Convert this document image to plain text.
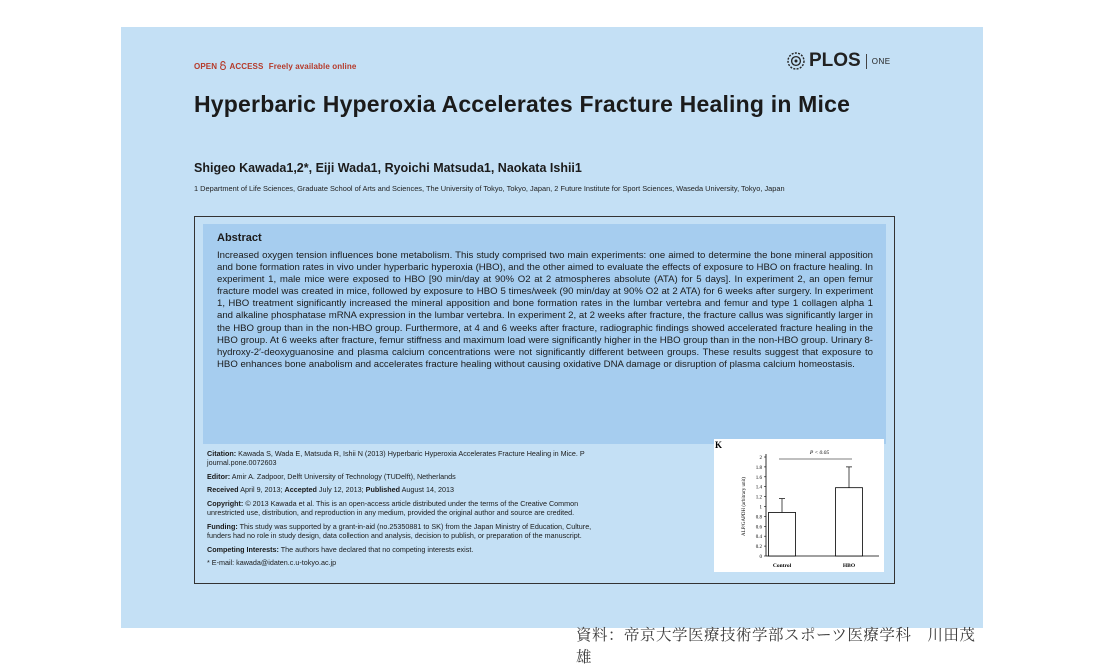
OPEN ACCESS Freely available online	PLOS ONE
Hyperbaric Hyperoxia Accelerates Fracture Healing in Mice
Shigeo Kawada1,2*, Eiji Wada1, Ryoichi Matsuda1, Naokata Ishii1
1 Department of Life Sciences, Graduate School of Arts and Sciences, The University of Tokyo, Tokyo, Japan, 2 Future Institute for Sport Sciences, Waseda University, Tokyo, Japan
Abstract

Increased oxygen tension influences bone metabolism. This study comprised two main experiments: one aimed to determine the bone mineral apposition and bone formation rates in vivo under hyperbaric hyperoxia (HBO), and the other aimed to evaluate the effects of exposure to HBO on fracture healing. In experiment 1, male mice were exposed to HBO [90 min/day at 90% O2 at 2 atmospheres absolute (ATA) for 5 days]. In experiment 2, an open femur fracture model was created in mice, followed by exposure to HBO 5 times/week (90 min/day at 90% O2 at 2 ATA) for 6 weeks after surgery. In experiment 1, HBO treatment significantly increased the mineral apposition and bone formation rates in the lumbar vertebra and femur and type 1 collagen alpha 1 and alkaline phosphatase mRNA expression in the lumbar vertebra. In experiment 2, at 2 weeks after fracture, the fracture callus was significantly larger in the HBO group than in the non-HBO group. Furthermore, at 4 and 6 weeks after fracture, radiographic findings showed accelerated fracture healing in the HBO group. At 6 weeks after fracture, femur stiffness and maximum load were significantly higher in the HBO group than in the non-HBO group. Urinary 8-hydroxy-2′-deoxyguanosine and plasma calcium concentrations were not significantly different between groups. These results suggest that exposure to HBO enhances bone anabolism and accelerates fracture healing without causing oxidative DNA damage or disruption of plasma calcium homeostasis.

Citation: Kawada S, Wada E, Matsuda R, Ishii N (2013) Hyperbaric Hyperoxia Accelerates Fracture Healing in Mice. P
journal.pone.0072603
Editor: Amir A. Zadpoor, Delft University of Technology (TUDelft), Netherlands
Received April 9, 2013; Accepted July 12, 2013; Published August 14, 2013
Copyright: © 2013 Kawada et al. This is an open-access article distributed under the terms of the Creative Common
unrestricted use, distribution, and reproduction in any medium, provided the original author and source are credited.
Funding: This study was supported by a grant-in-aid (no.25350881 to SK) from the Japan Ministry of Education, Culture,
funders had no role in study design, data collection and analysis, decision to publish, or preparation of the manuscript.
Competing Interests: The authors have declared that no competing interests exist.
* E-mail: kawada@idaten.c.u-tokyo.ac.jp
K
0
0.2
0.4
0.6
0.8
1
1.2
1.4
1.6
1.8
2
ALP/GAPDH (arbitrary unit)
Control	HBO
P < 0.05
資料：帝京大学医療技術学部スポーツ医療学科　川田茂雄
